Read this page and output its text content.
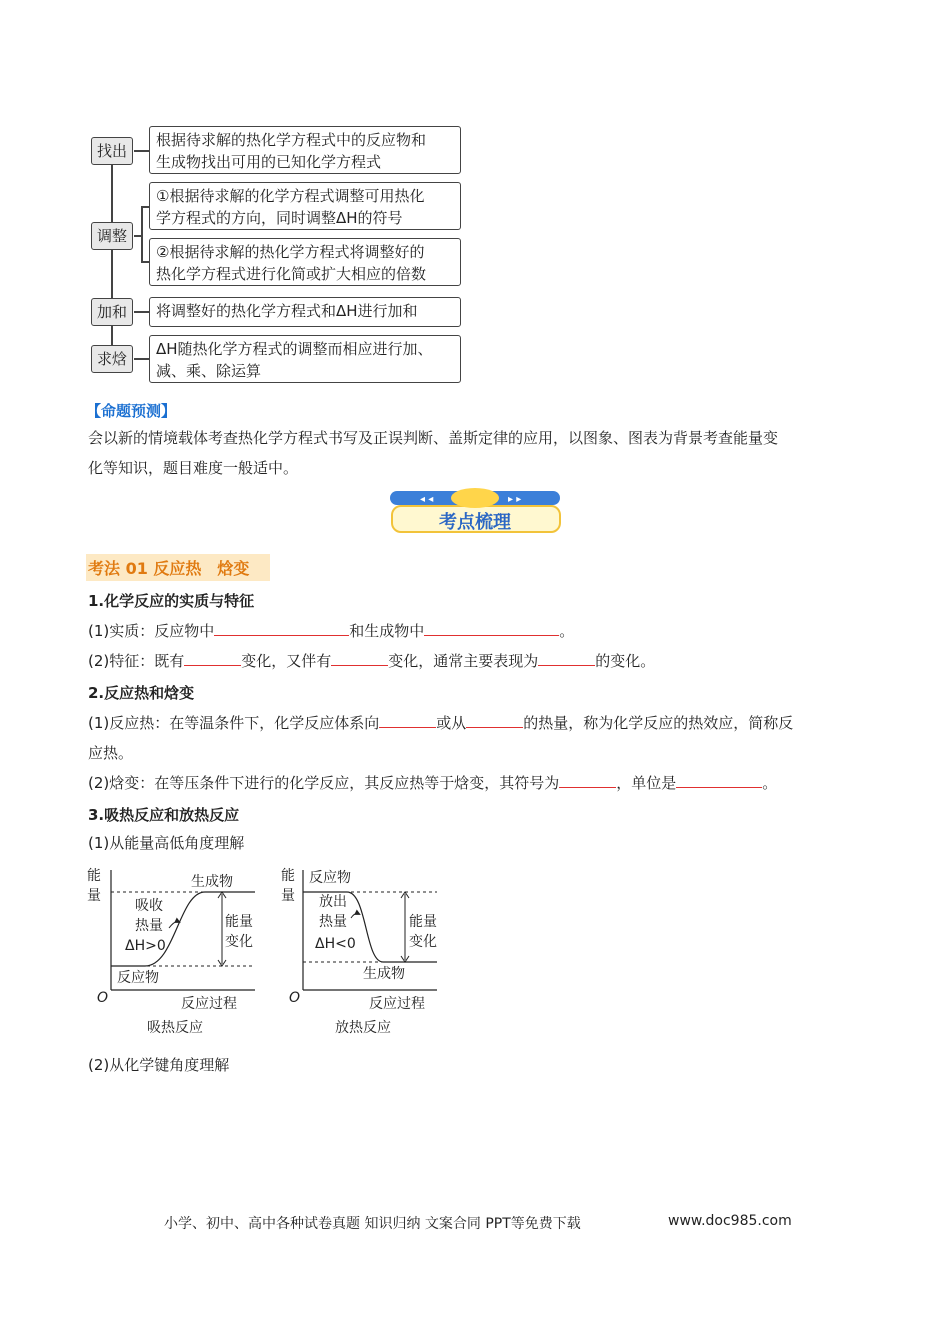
找出
根据待求解的热化学方程式中的反应物和
生成物找出可用的已知化学方程式
调整
①根据待求解的化学方程式调整可用热化
学方程式的方向，同时调整ΔH的符号
②根据待求解的热化学方程式将调整好的
热化学方程式进行化简或扩大相应的倍数
加和	将调整好的热化学方程式和ΔH进行加和
求焓
ΔH随热化学方程式的调整而相应进行加、
减、乘、除运算
【命题预测】
会以新的情境载体考查热化学方程式书写及正误判断、盖斯定律的应用，以图象、图表为背景考查能量变
化等知识，题目难度一般适中。
◂ ◂	▸ ▸
考点梳理
考法 01 反应热　焓变
1.化学反应的实质与特征
(1)实质：反应物中	和生成物中	。
(2)特征：既有	变化，又伴有	变化，通常主要表现为	的变化。
2.反应热和焓变
(1)反应热：在等温条件下，化学反应体系向	或从	的热量，称为化学反应的热效应，简称反
应热。
(2)焓变：在等压条件下进行的化学反应，其反应热等于焓变，其符号为	，单位是	。
3.吸热反应和放热反应
(1)从能量高低角度理解
能
量
生成物
吸收
热量
ΔH>0
能量
变化
反应物
O	反应过程
吸热反应
能
量
反应物
放出
热量
ΔH<0
能量
变化
生成物
O	反应过程
放热反应
(2)从化学键角度理解
小学、初中、高中各种试卷真题 知识归纳 文案合同 PPT等免费下载	www.doc985.com
